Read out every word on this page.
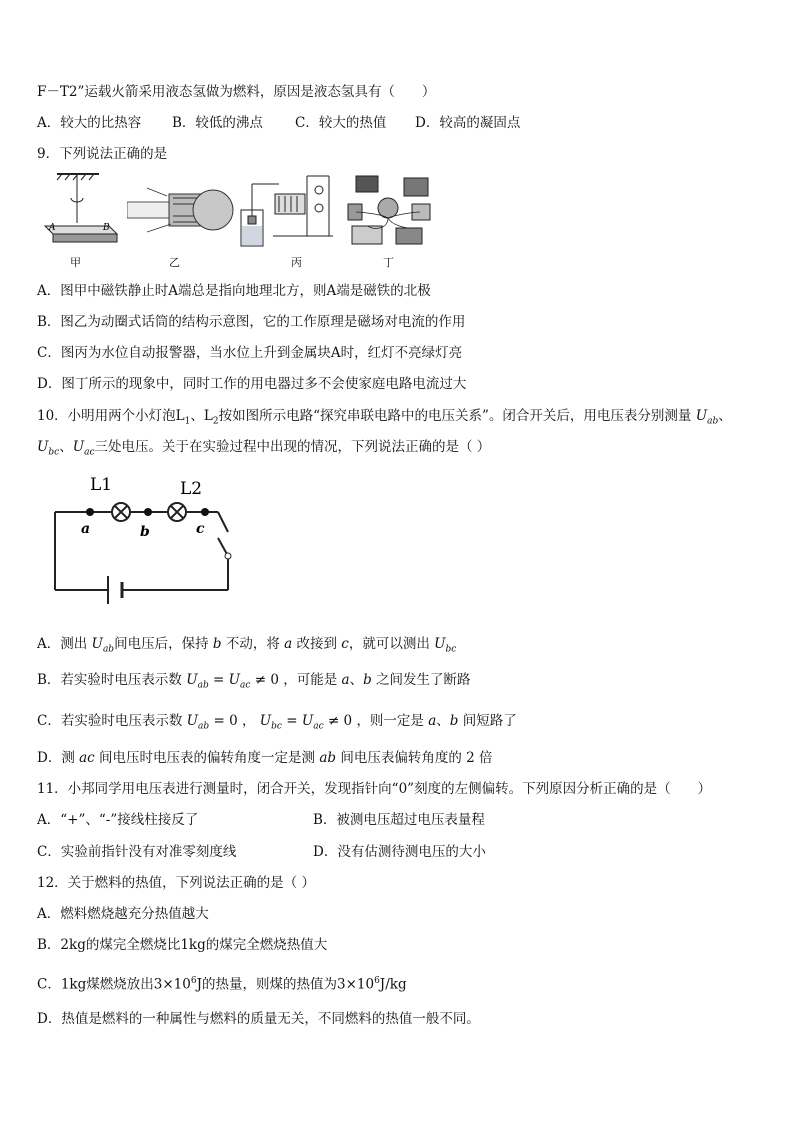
F－T2”运载火箭采用液态氢做为燃料，原因是液态氢具有（　　）
A．较大的比热容 B．较低的沸点 C．较大的热值 D．较高的凝固点
9．下列说法正确的是
A	B
甲	乙	丙	丁
A．图甲中磁铁静止时A端总是指向地理北方，则A端是磁铁的北极
B．图乙为动圈式话筒的结构示意图，它的工作原理是磁场对电流的作用
C．图丙为水位自动报警器，当水位上升到金属块A时，红灯不亮绿灯亮
D．图丁所示的现象中，同时工作的用电器过多不会使家庭电路电流过大
10．小明用两个小灯泡$L_1$、$L_2$按如图所示电路“探究串联电路中的电压关系”。闭合开关后，用电压表分别测量 $U_{ab}$、
$U_{bc}$、$U_{ac}$三处电压。关于在实验过程中出现的情况，下列说法正确的是（ ）
L1	L2
a	b	c
A．测出 $U_{ab}$间电压后，保持 b 不动，将 a 改接到 c，就可以测出 $U_{bc}$
B．若实验时电压表示数 $U_{ab} = U_{ac} \ne 0$ ，可能是 a、b 之间发生了断路
C．若实验时电压表示数 $U_{ab} = 0$ ， $U_{bc} = U_{ac} \ne 0$ ，则一定是 a、b 间短路了
D．测 ac 间电压时电压表的偏转角度一定是测 ab 间电压表偏转角度的 2 倍
11．小邦同学用电压表进行测量时，闭合开关，发现指针向“0”刻度的左侧偏转。下列原因分析正确的是（　　）
A．“+”、“-”接线柱接反了	B．被测电压超过电压表量程
C．实验前指针没有对准零刻度线	D．没有估测待测电压的大小
12．关于燃料的热值，下列说法正确的是（ ）
A．燃料燃烧越充分热值越大
B．2kg的煤完全燃烧比1kg的煤完全燃烧热值大
C．1kg煤燃烧放出$3\times 10^6J$的热量，则煤的热值为$3\times 10^6J/kg$
D．热值是燃料的一种属性与燃料的质量无关，不同燃料的热值一般不同。
